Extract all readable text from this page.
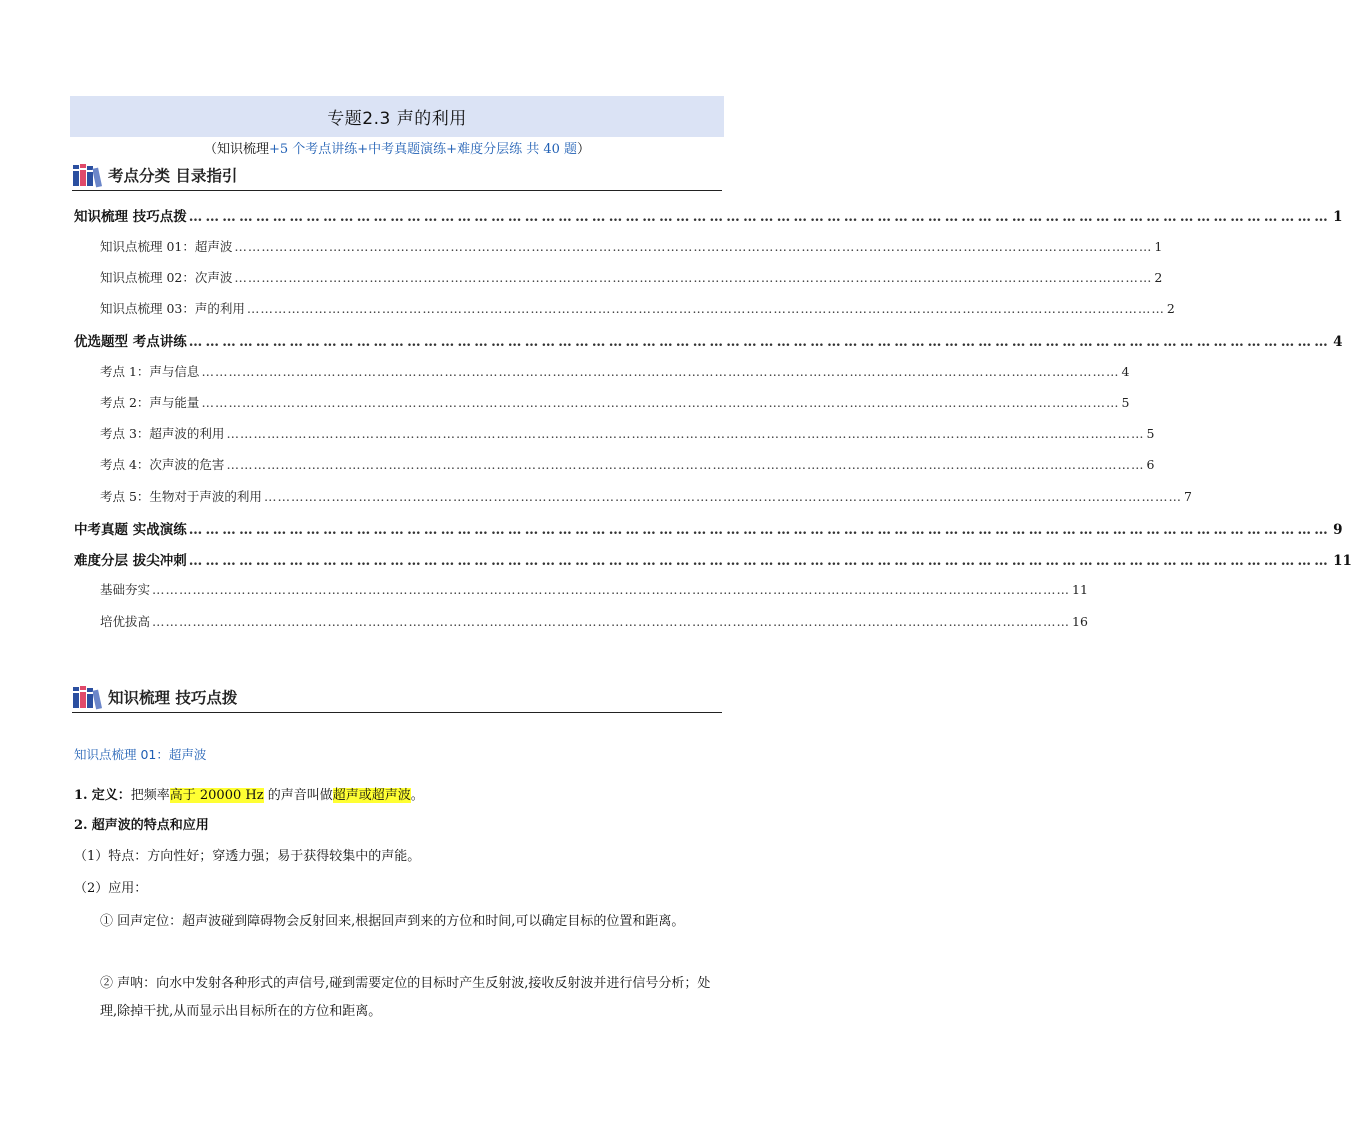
专题2.3 声的利用
（知识梳理+5 个考点讲练+中考真题演练+难度分层练 共 40 题）
考点分类 目录指引
知识梳理 技巧点拨 …………………………………………………………………………………………………………………………………………………………………………………… 1
知识点梳理 01：超声波 …………………………………………………………………………………………………………………………………………………………………………………… 1
知识点梳理 02：次声波 …………………………………………………………………………………………………………………………………………………………………………………… 2
知识点梳理 03：声的利用 …………………………………………………………………………………………………………………………………………………………………………………… 2
优选题型 考点讲练 …………………………………………………………………………………………………………………………………………………………………………………… 4
考点 1：声与信息 …………………………………………………………………………………………………………………………………………………………………………………… 4
考点 2：声与能量 …………………………………………………………………………………………………………………………………………………………………………………… 5
考点 3：超声波的利用 …………………………………………………………………………………………………………………………………………………………………………………… 5
考点 4：次声波的危害 …………………………………………………………………………………………………………………………………………………………………………………… 6
考点 5：生物对于声波的利用 …………………………………………………………………………………………………………………………………………………………………………………… 7
中考真题 实战演练 …………………………………………………………………………………………………………………………………………………………………………………… 9
难度分层 拔尖冲刺 …………………………………………………………………………………………………………………………………………………………………………………… 11
基础夯实 …………………………………………………………………………………………………………………………………………………………………………………… 11
培优拔高 …………………………………………………………………………………………………………………………………………………………………………………… 16
知识梳理 技巧点拨
知识点梳理 01：超声波
1. 定义：把频率高于 20000 Hz 的声音叫做超声或超声波。
2. 超声波的特点和应用
（1）特点：方向性好；穿透力强；易于获得较集中的声能。
（2）应用：
① 回声定位：超声波碰到障碍物会反射回来,根据回声到来的方位和时间,可以确定目标的位置和距离。
② 声呐：向水中发射各种形式的声信号,碰到需要定位的目标时产生反射波,接收反射波并进行信号分析；处理,除掉干扰,从而显示出目标所在的方位和距离。
